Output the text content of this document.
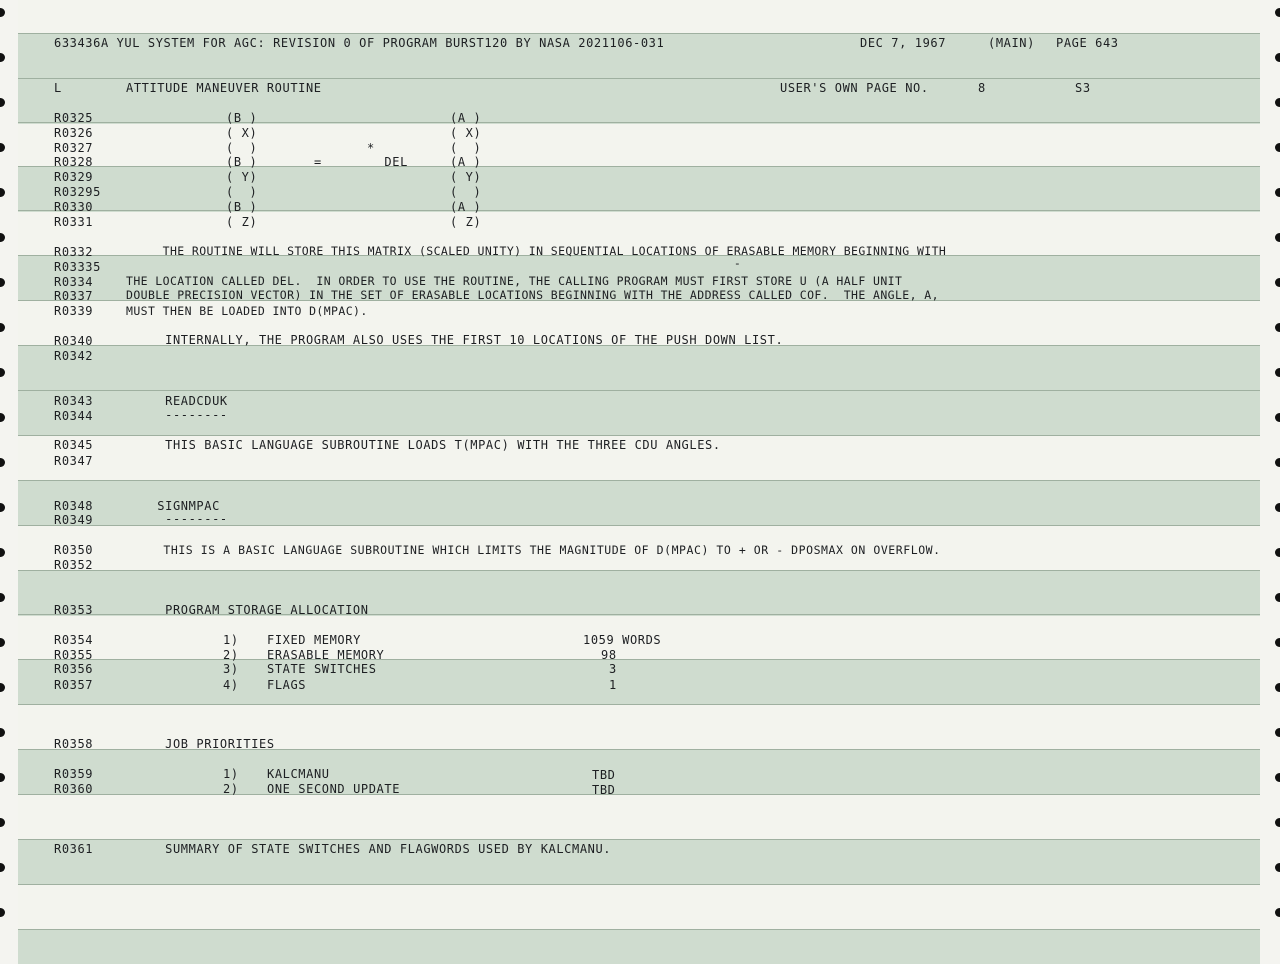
633436A YUL SYSTEM FOR AGC: REVISION 0 OF PROGRAM BURST120 BY NASA 2021106-031	DEC 7, 1967	(MAIN) PAGE 643
L	ATTITUDE MANEUVER ROUTINE	USER'S OWN PAGE NO.	8	S3
R0325	(B )	(A )
R0326	( X)	( X)
R0327	(  )	*	(  )
R0328	(B )	=        DEL	(A )
R0329	( Y)	( Y)
R03295	(  )	(  )
R0330	(B )	(A )
R0331	( Z)	( Z)
R0332	THE ROUTINE WILL STORE THIS MATRIX (SCALED UNITY) IN SEQUENTIAL LOCATIONS OF ERASABLE MEMORY BEGINNING WITH
R03335 -
R0334	THE LOCATION CALLED DEL.  IN ORDER TO USE THE ROUTINE, THE CALLING PROGRAM MUST FIRST STORE U (A HALF UNIT
R0337	DOUBLE PRECISION VECTOR) IN THE SET OF ERASABLE LOCATIONS BEGINNING WITH THE ADDRESS CALLED COF.  THE ANGLE, A,
R0339	MUST THEN BE LOADED INTO D(MPAC).
R0340	INTERNALLY, THE PROGRAM ALSO USES THE FIRST 10 LOCATIONS OF THE PUSH DOWN LIST.
R0342
R0343	READCDUK
R0344	--------
R0345	THIS BASIC LANGUAGE SUBROUTINE LOADS T(MPAC) WITH THE THREE CDU ANGLES.
R0347
R0348	SIGNMPAC
R0349	--------
R0350	THIS IS A BASIC LANGUAGE SUBROUTINE WHICH LIMITS THE MAGNITUDE OF D(MPAC) TO + OR - DPOSMAX ON OVERFLOW.
R0352
R0353	PROGRAM STORAGE ALLOCATION
R0354	1) FIXED MEMORY	1059 WORDS
R0355	2) ERASABLE MEMORY	98
R0356	3) STATE SWITCHES	3
R0357	4) FLAGS	1
R0358	JOB PRIORITIES
R0359	1) KALCMANU	TBD
R0360	2) ONE SECOND UPDATE	TBD
R0361	SUMMARY OF STATE SWITCHES AND FLAGWORDS USED BY KALCMANU.
